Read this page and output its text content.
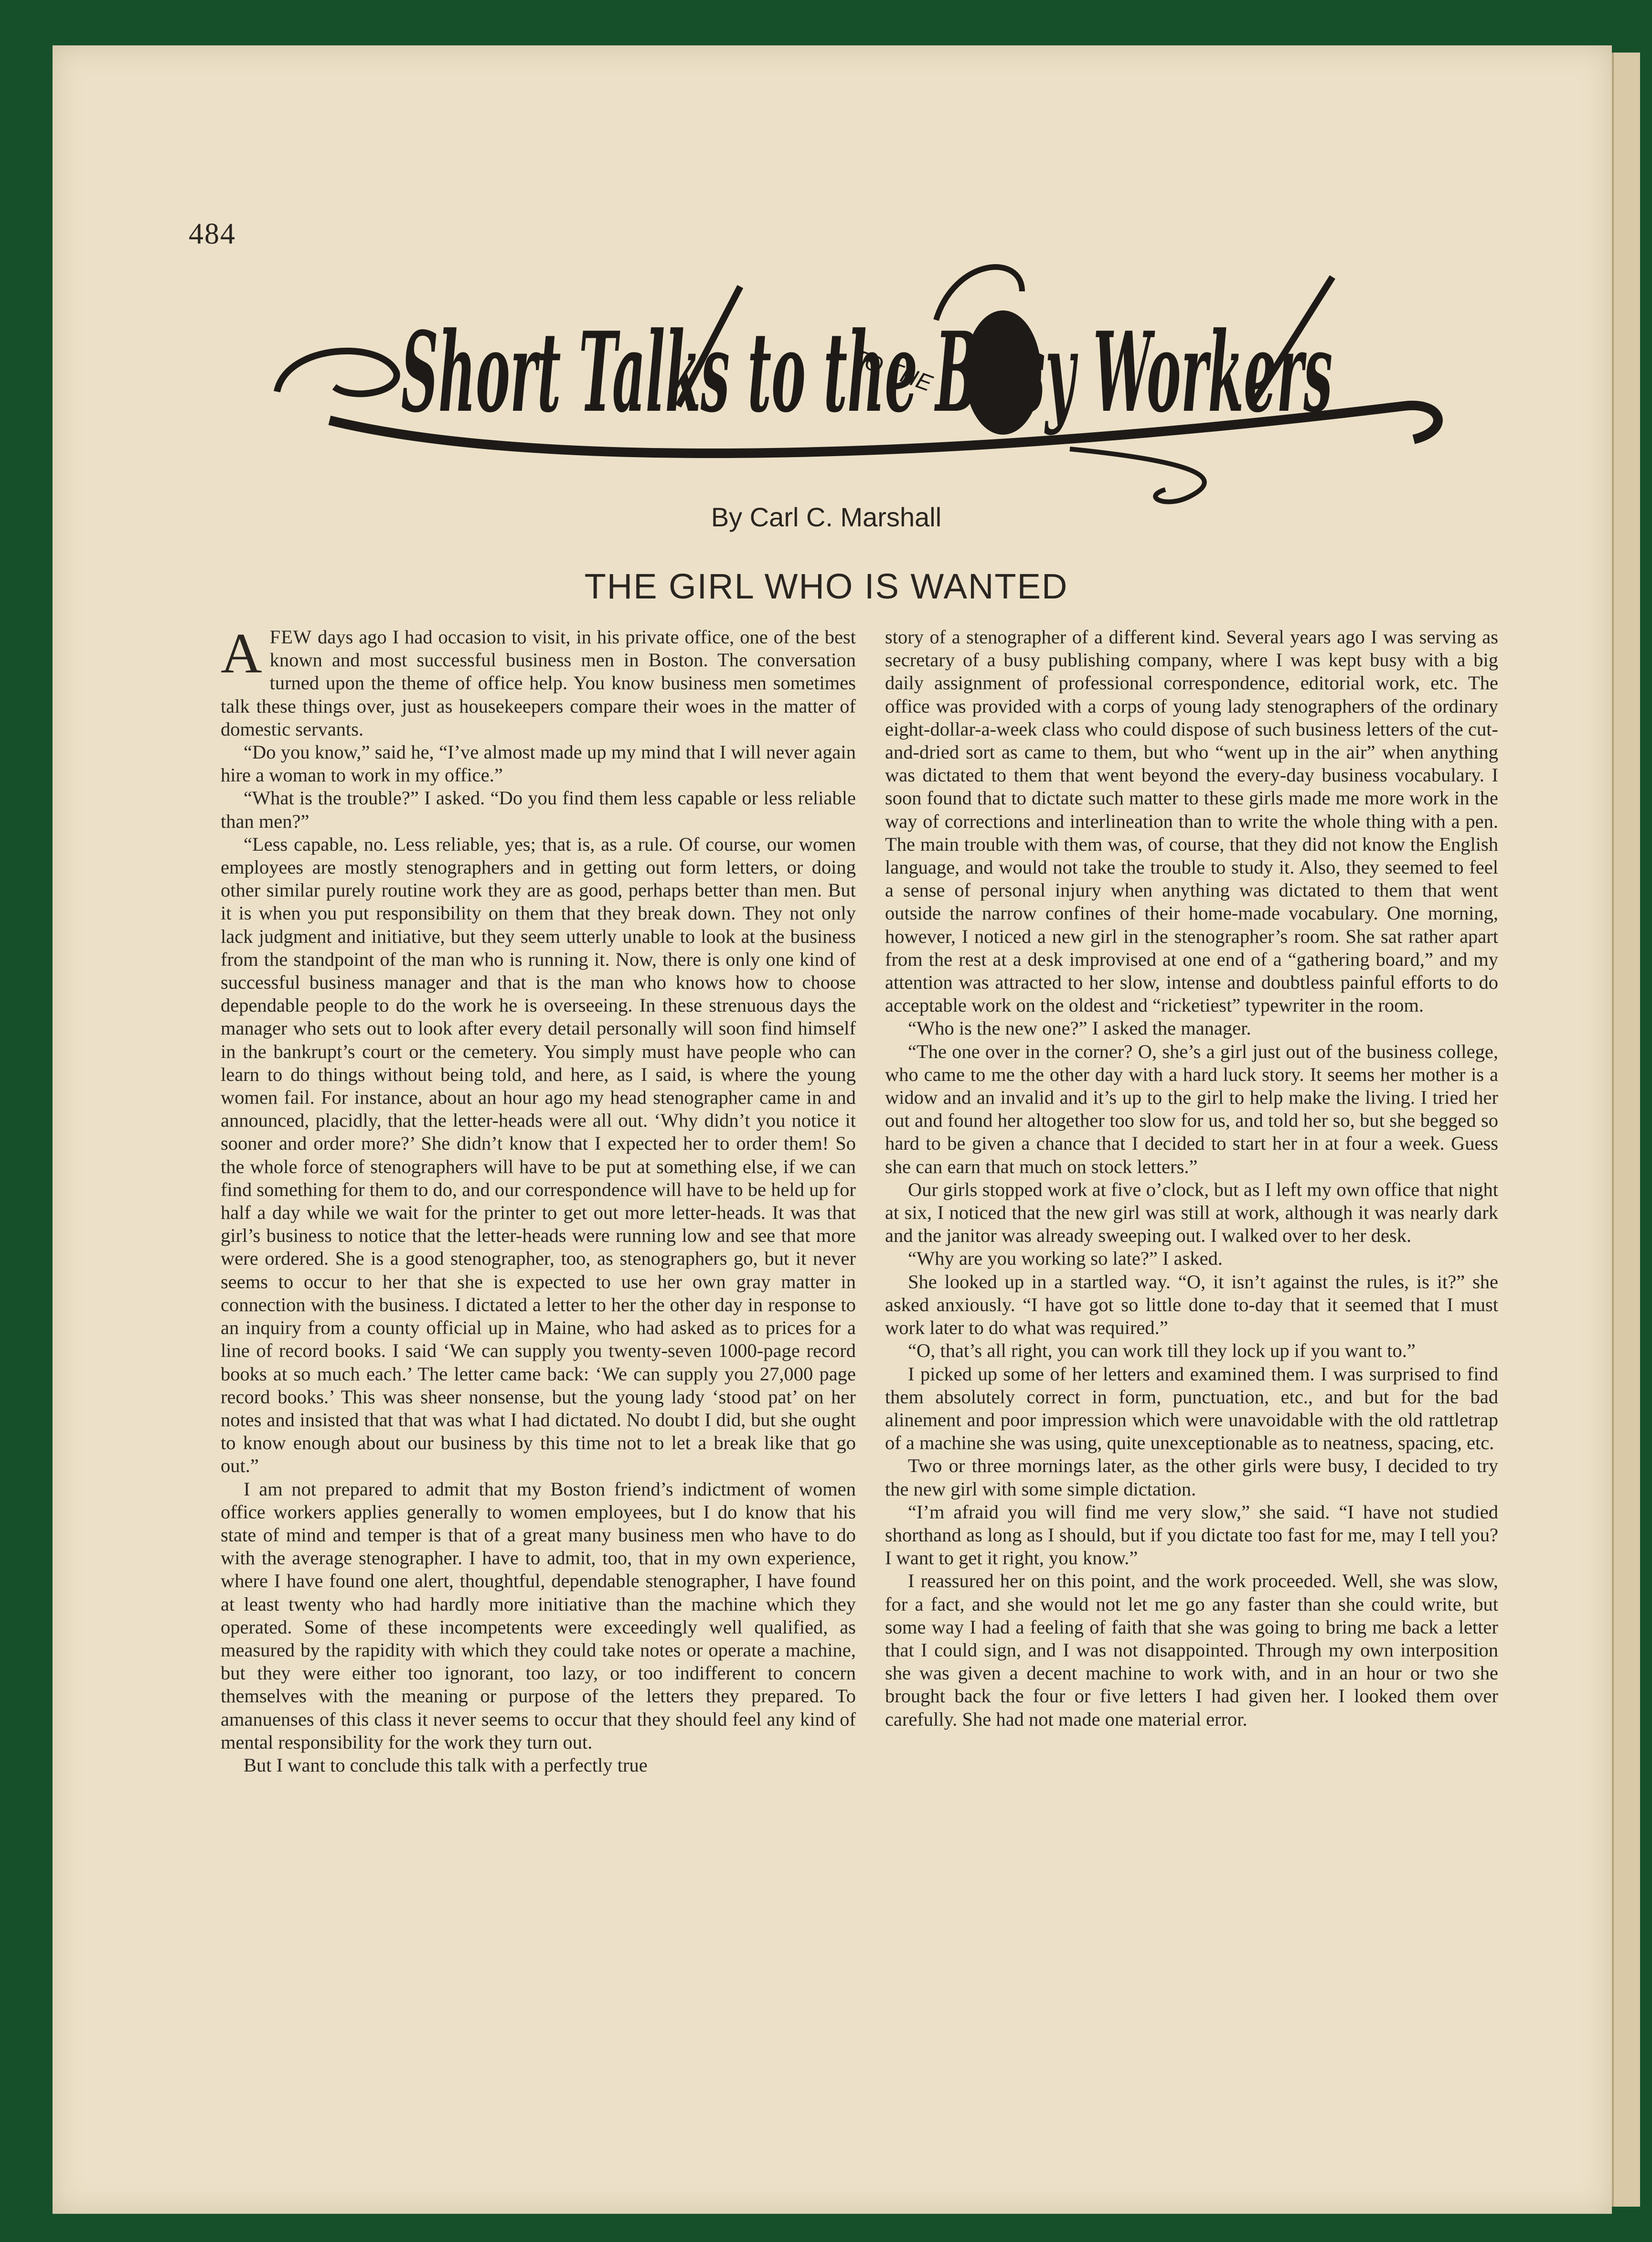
484
Short Talks to the Busy Workers
TO THE
By Carl C. Marshall
THE GIRL WHO IS WANTED

AFEW days ago I had occasion to visit, in his private office, one of the best known and most successful business men in Boston. The conversation turned upon the theme of office help. You know business men sometimes talk these things over, just as housekeepers compare their woes in the matter of domestic servants.

“Do you know,” said he, “I’ve almost made up my mind that I will never again hire a woman to work in my office.”

“What is the trouble?” I asked. “Do you find them less capable or less reliable than men?”

“Less capable, no. Less reliable, yes; that is, as a rule. Of course, our women employees are mostly stenographers and in getting out form letters, or doing other similar purely routine work they are as good, perhaps better than men. But it is when you put responsibility on them that they break down. They not only lack judgment and initiative, but they seem utterly unable to look at the business from the standpoint of the man who is running it. Now, there is only one kind of successful business manager and that is the man who knows how to choose dependable people to do the work he is overseeing. In these strenuous days the manager who sets out to look after every detail personally will soon find himself in the bankrupt’s court or the cemetery. You simply must have people who can learn to do things without being told, and here, as I said, is where the young women fail. For instance, about an hour ago my head stenographer came in and announced, placidly, that the letter-heads were all out. ‘Why didn’t you notice it sooner and order more?’ She didn’t know that I expected her to order them! So the whole force of stenographers will have to be put at something else, if we can find something for them to do, and our correspondence will have to be held up for half a day while we wait for the printer to get out more letter-heads. It was that girl’s business to notice that the letter-heads were running low and see that more were ordered. She is a good stenographer, too, as stenographers go, but it never seems to occur to her that she is expected to use her own gray matter in connection with the business. I dictated a letter to her the other day in response to an inquiry from a county official up in Maine, who had asked as to prices for a line of record books. I said ‘We can supply you twenty-seven 1000-page record books at so much each.’ The letter came back: ‘We can supply you 27,000 page record books.’ This was sheer nonsense, but the young lady ‘stood pat’ on her notes and insisted that that was what I had dictated. No doubt I did, but she ought to know enough about our business by this time not to let a break like that go out.”

I am not prepared to admit that my Boston friend’s indictment of women office workers applies generally to women employees, but I do know that his state of mind and temper is that of a great many business men who have to do with the average stenographer. I have to admit, too, that in my own experience, where I have found one alert, thoughtful, dependable stenographer, I have found at least twenty who had hardly more initiative than the machine which they operated. Some of these incompetents were exceedingly well qualified, as measured by the rapidity with which they could take notes or operate a machine, but they were either too ignorant, too lazy, or too indifferent to concern themselves with the meaning or purpose of the letters they prepared. To amanuenses of this class it never seems to occur that they should feel any kind of mental responsibility for the work they turn out.

But I want to conclude this talk with a perfectly true

story of a stenographer of a different kind. Several years ago I was serving as secretary of a busy publishing company, where I was kept busy with a big daily assignment of professional correspondence, editorial work, etc. The office was provided with a corps of young lady stenographers of the ordinary eight-dollar-a-week class who could dispose of such business letters of the cut-and-dried sort as came to them, but who “went up in the air” when anything was dictated to them that went beyond the every-day business vocabulary. I soon found that to dictate such matter to these girls made me more work in the way of corrections and interlineation than to write the whole thing with a pen. The main trouble with them was, of course, that they did not know the English language, and would not take the trouble to study it. Also, they seemed to feel a sense of personal injury when anything was dictated to them that went outside the narrow confines of their home-made vocabulary. One morning, however, I noticed a new girl in the stenographer’s room. She sat rather apart from the rest at a desk improvised at one end of a “gathering board,” and my attention was attracted to her slow, intense and doubtless painful efforts to do acceptable work on the oldest and “ricketiest” typewriter in the room.

“Who is the new one?” I asked the manager.

“The one over in the corner? O, she’s a girl just out of the business college, who came to me the other day with a hard luck story. It seems her mother is a widow and an invalid and it’s up to the girl to help make the living. I tried her out and found her altogether too slow for us, and told her so, but she begged so hard to be given a chance that I decided to start her in at four a week. Guess she can earn that much on stock letters.”

Our girls stopped work at five o’clock, but as I left my own office that night at six, I noticed that the new girl was still at work, although it was nearly dark and the janitor was already sweeping out. I walked over to her desk.

“Why are you working so late?” I asked.

She looked up in a startled way. “O, it isn’t against the rules, is it?” she asked anxiously. “I have got so little done to-day that it seemed that I must work later to do what was required.”

“O, that’s all right, you can work till they lock up if you want to.”

I picked up some of her letters and examined them. I was surprised to find them absolutely correct in form, punctuation, etc., and but for the bad alinement and poor impression which were unavoidable with the old rattletrap of a machine she was using, quite unexceptionable as to neatness, spacing, etc.

Two or three mornings later, as the other girls were busy, I decided to try the new girl with some simple dictation.

“I’m afraid you will find me very slow,” she said. “I have not studied shorthand as long as I should, but if you dictate too fast for me, may I tell you? I want to get it right, you know.”

I reassured her on this point, and the work proceeded. Well, she was slow, for a fact, and she would not let me go any faster than she could write, but some way I had a feeling of faith that she was going to bring me back a letter that I could sign, and I was not disappointed. Through my own interposition she was given a decent machine to work with, and in an hour or two she brought back the four or five letters I had given her. I looked them over carefully. She had not made one material error.
